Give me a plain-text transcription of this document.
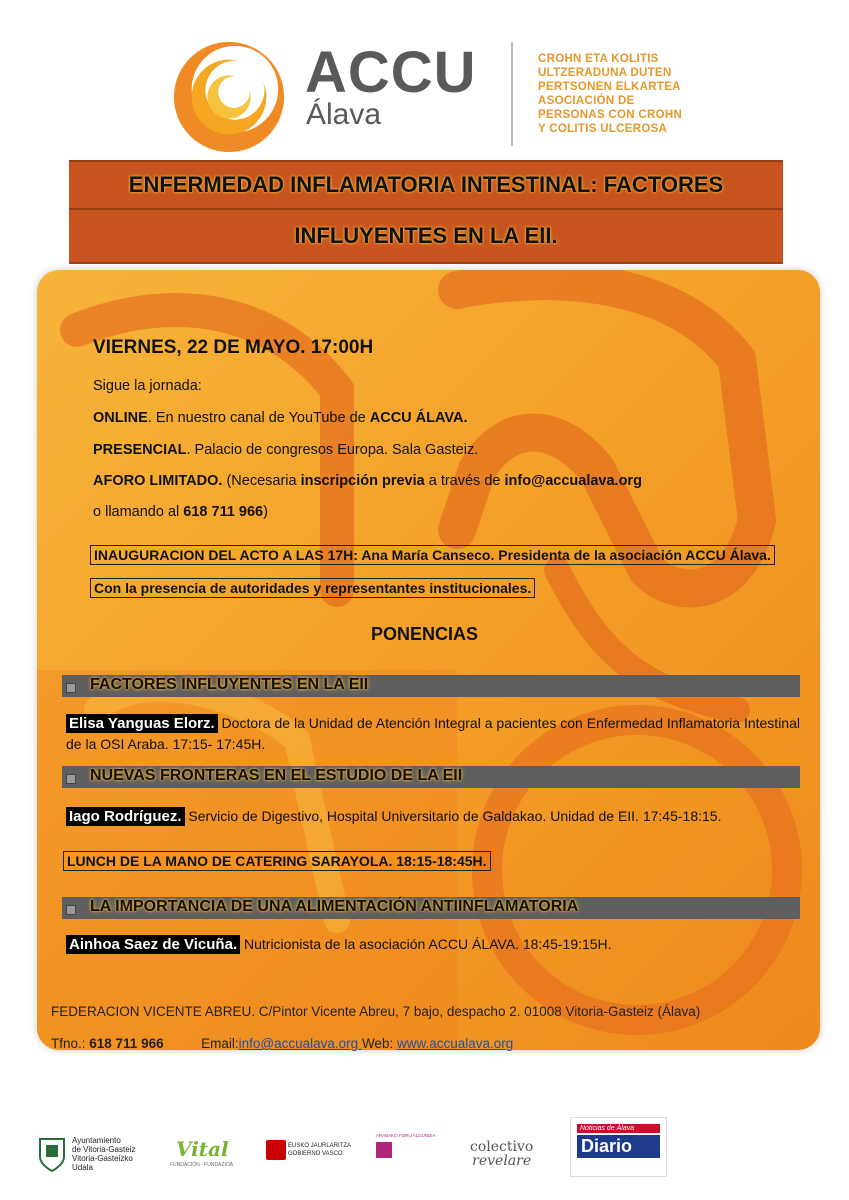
ACCU
Álava
CROHN ETA KOLITIS
ULTZERADUNA DUTEN
PERTSONEN ELKARTEA
ASOCIACIÓN DE
PERSONAS CON CROHN
Y COLITIS ULCEROSA
ENFERMEDAD INFLAMATORIA INTESTINAL: FACTORES
INFLUYENTES EN LA EII.
VIERNES, 22 DE MAYO. 17:00H
Sigue la jornada:
ONLINE. En nuestro canal de YouTube de ACCU ÁLAVA.
PRESENCIAL. Palacio de congresos Europa. Sala Gasteiz.
AFORO LIMITADO. (Necesaria inscripción previa a través de info@accualava.org
o llamando al 618 711 966)
INAUGURACION DEL ACTO A LAS 17H: Ana María Canseco. Presidenta de la asociación ACCU Álava.
Con la presencia de autoridades y representantes institucionales.
PONENCIAS
FACTORES INFLUYENTES EN LA EII
Elisa Yanguas Elorz. Doctora de la Unidad de Atención Integral a pacientes con Enfermedad Inflamatoria Intestinal de la OSI Araba. 17:15- 17:45H.
NUEVAS FRONTERAS EN EL ESTUDIO DE LA EII
Iago Rodríguez. Servicio de Digestivo, Hospital Universitario de Galdakao. Unidad de EII. 17:45-18:15.
LUNCH DE LA MANO DE CATERING SARAYOLA. 18:15-18:45H.
LA IMPORTANCIA DE UNA ALIMENTACIÓN ANTIINFLAMATORIA
Ainhoa Saez de Vicuña. Nutricionista de la asociación ACCU ÁLAVA. 18:45-19:15H.
FEDERACION VICENTE ABREU. C/Pintor Vicente Abreu, 7 bajo, despacho 2. 01008 Vitoria-Gasteiz (Álava)
Tfno.: 618 711 966	Email:info@accualava.org Web: www.accualava.org
Ayuntamiento
de Vitoria-Gasteiz
Vitoria-Gasteizko
Udala
Vital
FUNDACIÓN · FUNDAZIOA
EUSKO JAURLARITZA
GOBIERNO VASCO
ARABAKO FORU ALDUNDIA
colectivo
revelare
Noticias de Álava
Diario
